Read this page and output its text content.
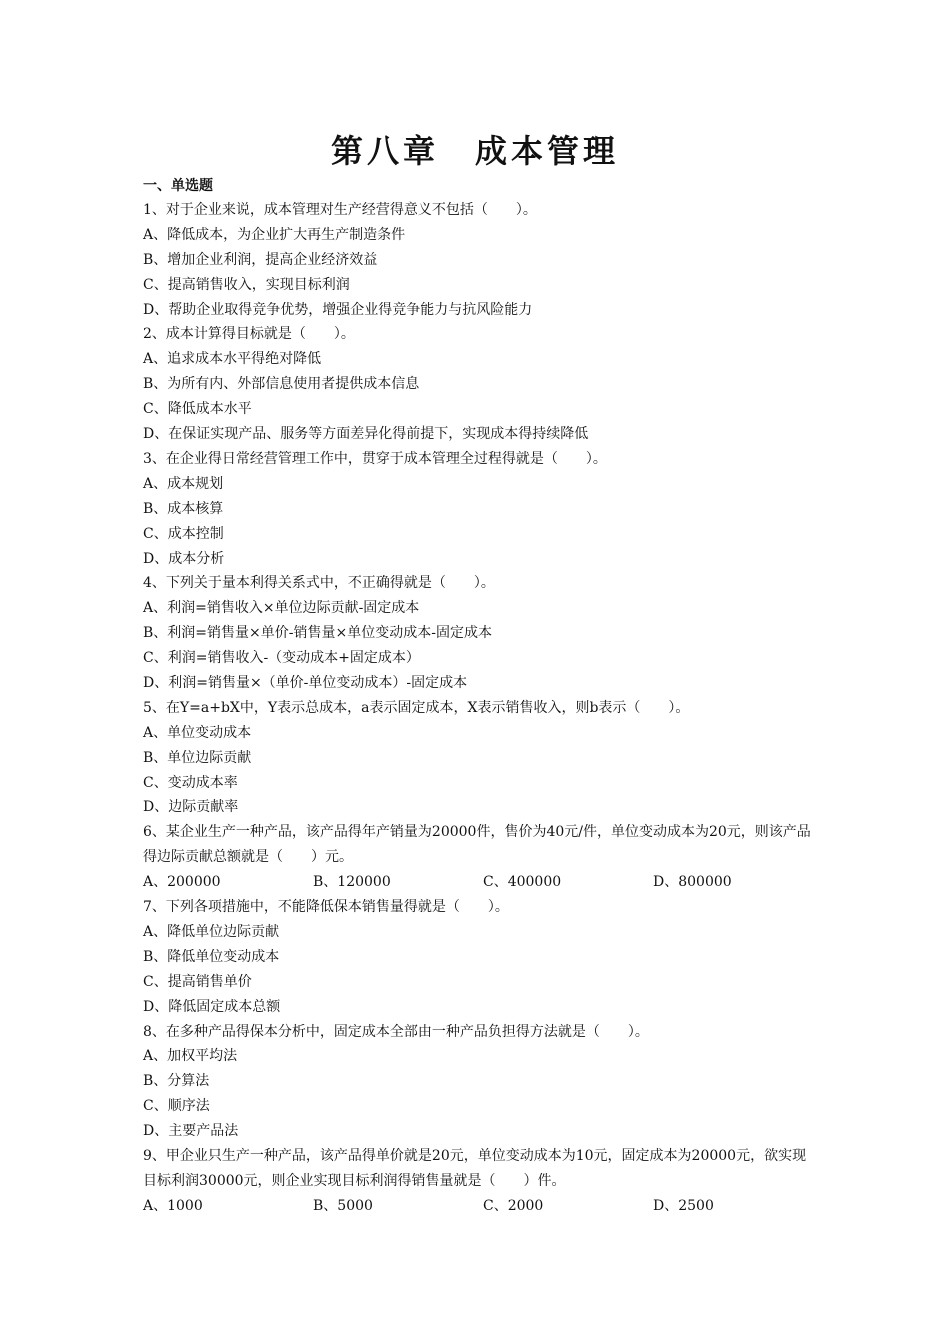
第八章　成本管理
一、单选题
1、对于企业来说，成本管理对生产经营得意义不包括（　　）。
A、降低成本，为企业扩大再生产制造条件
B、增加企业利润，提高企业经济效益
C、提高销售收入，实现目标利润
D、帮助企业取得竞争优势，增强企业得竞争能力与抗风险能力
2、成本计算得目标就是（　　）。
A、追求成本水平得绝对降低
B、为所有内、外部信息使用者提供成本信息
C、降低成本水平
D、在保证实现产品、服务等方面差异化得前提下，实现成本得持续降低
3、在企业得日常经营管理工作中，贯穿于成本管理全过程得就是（　　）。
A、成本规划
B、成本核算
C、成本控制
D、成本分析
4、下列关于量本利得关系式中，不正确得就是（　　）。
A、利润=销售收入×单位边际贡献-固定成本
B、利润=销售量×单价-销售量×单位变动成本-固定成本
C、利润=销售收入-（变动成本+固定成本）
D、利润=销售量×（单价-单位变动成本）-固定成本
5、在Y=a+bX中，Y表示总成本，a表示固定成本，X表示销售收入，则b表示（　　）。
A、单位变动成本
B、单位边际贡献
C、变动成本率
D、边际贡献率
6、某企业生产一种产品，该产品得年产销量为20000件，售价为40元/件，单位变动成本为20元，则该产品得边际贡献总额就是（　　）元。
A、200000	B、120000	C、400000	D、800000
7、下列各项措施中，不能降低保本销售量得就是（　　）。
A、降低单位边际贡献
B、降低单位变动成本
C、提高销售单价
D、降低固定成本总额
8、在多种产品得保本分析中，固定成本全部由一种产品负担得方法就是（　　）。
A、加权平均法
B、分算法
C、顺序法
D、主要产品法
9、甲企业只生产一种产品，该产品得单价就是20元，单位变动成本为10元，固定成本为20000元，欲实现目标利润30000元，则企业实现目标利润得销售量就是（　　）件。
A、1000	B、5000	C、2000	D、2500
